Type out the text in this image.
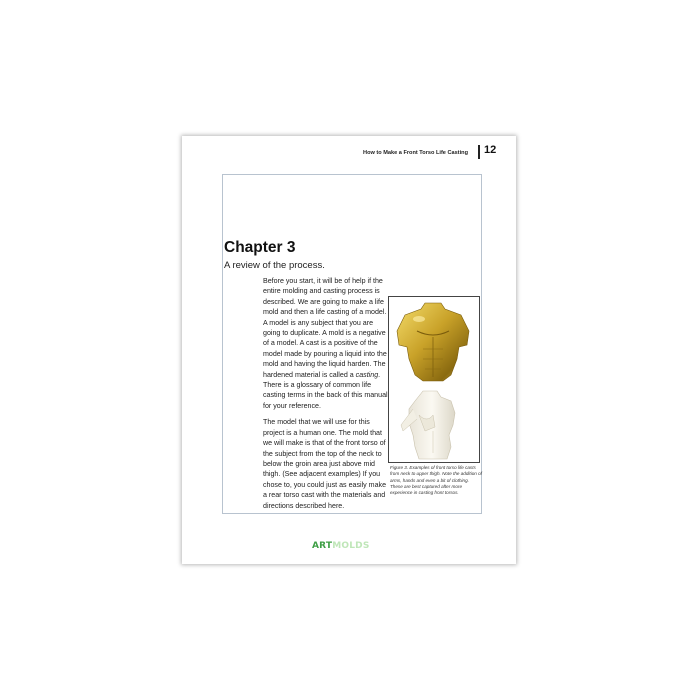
How to Make a Front Torso Life Casting 12
Chapter 3
A review of the process.

Before you start, it will be of help if the entire molding and casting process is described. We are going to make a life mold and then a life casting of a model. A model is any subject that you are going to duplicate. A mold is a negative of a model. A cast is a positive of the model made by pouring a liquid into the mold and having the liquid harden. The hardened material is called a casting. There is a glossary of common life casting terms in the back of this manual for your reference.

The model that we will use for this project is a human one. The mold that we will make is that of the front torso of the subject from the top of the neck to below the groin area just above mid thigh. (See adjacent examples) If you chose to, you could just as easily make a rear torso cast with the materials and directions described here.

Figure 3. Examples of front torso life casts from neck to upper thigh. Note the addition of arms, hands and even a bit of clothing. These are best captured after more experience in casting front torsos.
ARTMOLDS
